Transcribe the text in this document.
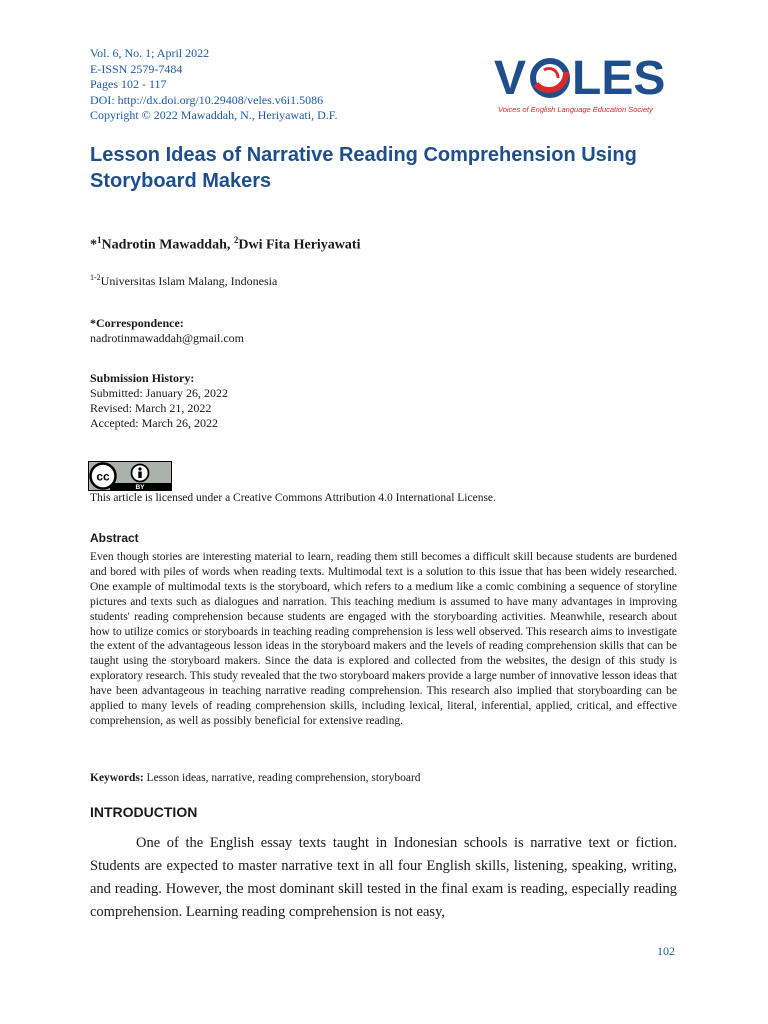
Vol. 6, No. 1; April 2022
E-ISSN 2579-7484
Pages 102 - 117
DOI: http://dx.doi.org/10.29408/veles.v6i1.5086
Copyright © 2022 Mawaddah, N., Heriyawati, D.F.
V LES
Voices of English Language Education Society
Lesson Ideas of Narrative Reading Comprehension Using Storyboard Makers
*$^1$Nadrotin Mawaddah, $^2$Dwi Fita Heriyawati
$^{1-2}$Universitas Islam Malang, Indonesia
*Correspondence:
nadrotinmawaddah@gmail.com
Submission History:
Submitted: January 26, 2022
Revised: March 21, 2022
Accepted: March 26, 2022
cc
BY
This article is licensed under a Creative Commons Attribution 4.0 International License.
Abstract
Even though stories are interesting material to learn, reading them still becomes a difficult skill because students are burdened and bored with piles of words when reading texts. Multimodal text is a solution to this issue that has been widely researched. One example of multimodal texts is the storyboard, which refers to a medium like a comic combining a sequence of storyline pictures and texts such as dialogues and narration. This teaching medium is assumed to have many advantages in improving students' reading comprehension because students are engaged with the storyboarding activities. Meanwhile, research about how to utilize comics or storyboards in teaching reading comprehension is less well observed. This research aims to investigate the extent of the advantageous lesson ideas in the storyboard makers and the levels of reading comprehension skills that can be taught using the storyboard makers. Since the data is explored and collected from the websites, the design of this study is exploratory research. This study revealed that the two storyboard makers provide a large number of innovative lesson ideas that have been advantageous in teaching narrative reading comprehension. This research also implied that storyboarding can be applied to many levels of reading comprehension skills, including lexical, literal, inferential, applied, critical, and effective comprehension, as well as possibly beneficial for extensive reading.
Keywords: Lesson ideas, narrative, reading comprehension, storyboard
INTRODUCTION
One of the English essay texts taught in Indonesian schools is narrative text or fiction. Students are expected to master narrative text in all four English skills, listening, speaking, writing, and reading. However, the most dominant skill tested in the final exam is reading, especially reading comprehension. Learning reading comprehension is not easy,
102
